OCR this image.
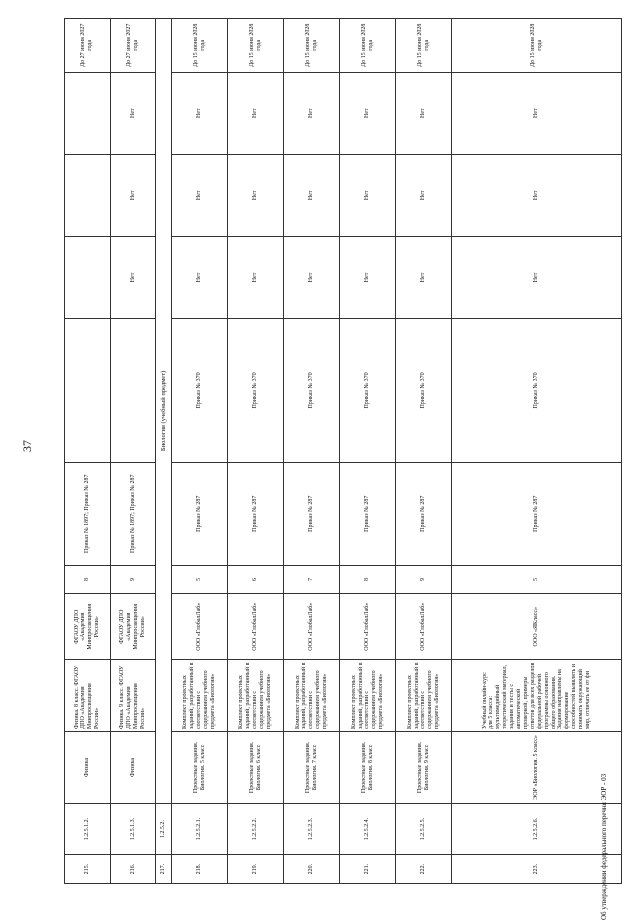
37
215.	1.2.5.1.2.	Физика	Физика. 8 класс. ФГАОУ ДПО «Академия Минпросвещения России»	ФГАОУ ДПО «Академия Минпросвещения России»	8	Приказ № 1897; Приказ № 287					До 27 июня 2027 года
216.	1.2.5.1.3.	Физика	Физика. 9 класс. ФГАОУ ДПО «Академия Минпросвещения России»	ФГАОУ ДПО «Академия Минпросвещения России»	9	Приказ № 1897; Приказ № 287		Нет	Нет	Нет	До 27 июня 2027 года
217.	1.2.5.2.	Биология (учебный предмет)									
218.	1.2.5.2.1.	Проектные задания. Биология. 5 класс	Комплект проектных заданий, разработанный в соответствии с содержанием учебного предмета «Биология»	ООО «ГлобалЛаб»	5	Приказ № 287	Приказ № 370	Нет	Нет	Нет	До 15 июня 2028 года
219.	1.2.5.2.2.	Проектные задания. Биология. 6 класс	Комплект проектных заданий, разработанный в соответствии с содержанием учебного предмета «Биология»	ООО «ГлобалЛаб»	6	Приказ № 287	Приказ № 370	Нет	Нет	Нет	До 15 июня 2028 года
220.	1.2.5.2.3.	Проектные задания. Биология. 7 класс	Комплект проектных заданий, разработанный в соответствии с содержанием учебного предмета «Биология»	ООО «ГлобалЛаб»	7	Приказ № 287	Приказ № 370	Нет	Нет	Нет	До 15 июня 2028 года
221.	1.2.5.2.4.	Проектные задания. Биология. 8 класс	Комплект проектных заданий, разработанный в соответствии с содержанием учебного предмета «Биология»	ООО «ГлобалЛаб»	8	Приказ № 287	Приказ № 370	Нет	Нет	Нет	До 15 июня 2028 года
222.	1.2.5.2.5.	Проектные задания. Биология. 9 класс	Комплект проектных заданий, разработанный в соответствии с содержанием учебного предмета «Биология»	ООО «ГлобалЛаб»	9	Приказ № 287	Приказ № 370	Нет	Нет	Нет	До 15 июня 2028 года
223.	1.2.5.2.6.	ЭОР «Биология. 5 класс»	Учебный онлайн-курс для 5 класса: мультимедийный теоретический материал, задания и тесты с автоматической проверкой, примеры ответов для всех разделов федеральной рабочей программы основного общего образования. Задания направлены на формирование способностей выявлять и понимать окружающий мир, отличать ее от фи	ООО «ЯКласс»	5	Приказ № 287	Приказ № 370	Нет	Нет	Нет	До 15 июня 2028 года
Об утверждении федерального перечня ЭОР - 03
